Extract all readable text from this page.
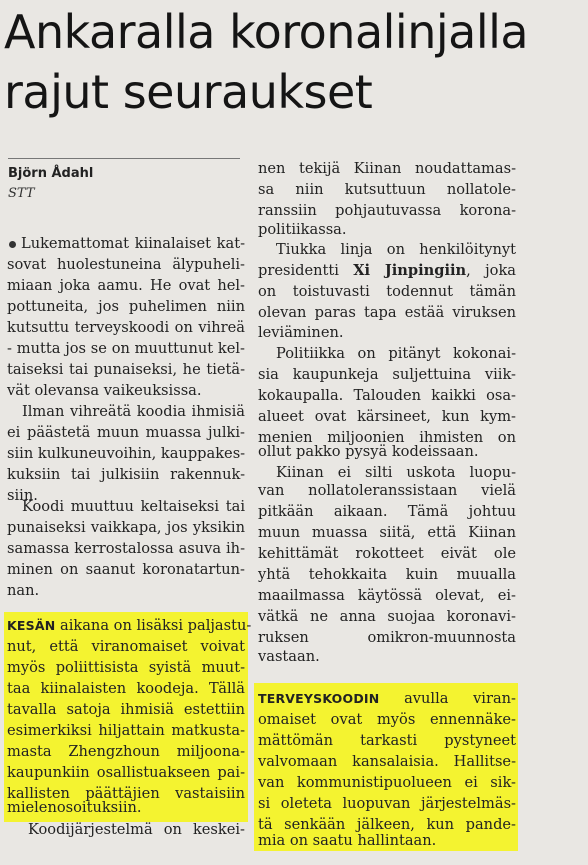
Ankaralla koronalinjalla
rajut seuraukset
Björn Ådahl
STT
Lukemattomat kiinalaiset kat-
sovat huolestuneina älypuheli-
miaan joka aamu. He ovat hel-
pottuneita, jos puhelimen niin
kutsuttu terveyskoodi on vihreä
- mutta jos se on muuttunut kel-
taiseksi tai punaiseksi, he tietä-
vät olevansa vaikeuksissa.
Ilman vihreätä koodia ihmisiä
ei päästetä muun muassa julki-
siin kulkuneuvoihin, kauppakes-
kuksiin tai julkisiin rakennuk-
siin.
Koodi muuttuu keltaiseksi tai
punaiseksi vaikkapa, jos yksikin
samassa kerrostalossa asuva ih-
minen on saanut koronatartun-
nan.
KESÄN aikana on lisäksi paljastu-
nut, että viranomaiset voivat
myös poliittisista syistä muut-
taa kiinalaisten koodeja. Tällä
tavalla satoja ihmisiä estettiin
esimerkiksi hiljattain matkusta-
masta Zhengzhoun miljoona-
kaupunkiin osallistuakseen pai-
kallisten päättäjien vastaisiin
mielenosoituksiin.
Koodijärjestelmä on keskei-
nen tekijä Kiinan noudattamas-
sa niin kutsuttuun nollatole-
ranssiin pohjautuvassa korona-
politiikassa.
Tiukka linja on henkilöitynyt
presidentti Xi Jinpingiin, joka
on toistuvasti todennut tämän
olevan paras tapa estää viruksen
leviäminen.
Politiikka on pitänyt kokonai-
sia kaupunkeja suljettuina viik-
kokaupalla. Talouden kaikki osa-
alueet ovat kärsineet, kun kym-
menien miljoonien ihmisten on
ollut pakko pysyä kodeissaan.
Kiinan ei silti uskota luopu-
van nollatoleranssistaan vielä
pitkään aikaan. Tämä johtuu
muun muassa siitä, että Kiinan
kehittämät rokotteet eivät ole
yhtä tehokkaita kuin muualla
maailmassa käytössä olevat, ei-
vätkä ne anna suojaa koronavi-
ruksen omikron-muunnosta
vastaan.
TERVEYSKOODIN avulla viran-
omaiset ovat myös ennennäke-
mättömän tarkasti pystyneet
valvomaan kansalaisia. Hallitse-
van kommunistipuolueen ei sik-
si oleteta luopuvan järjestelmäs-
tä senkään jälkeen, kun pande-
mia on saatu hallintaan.
